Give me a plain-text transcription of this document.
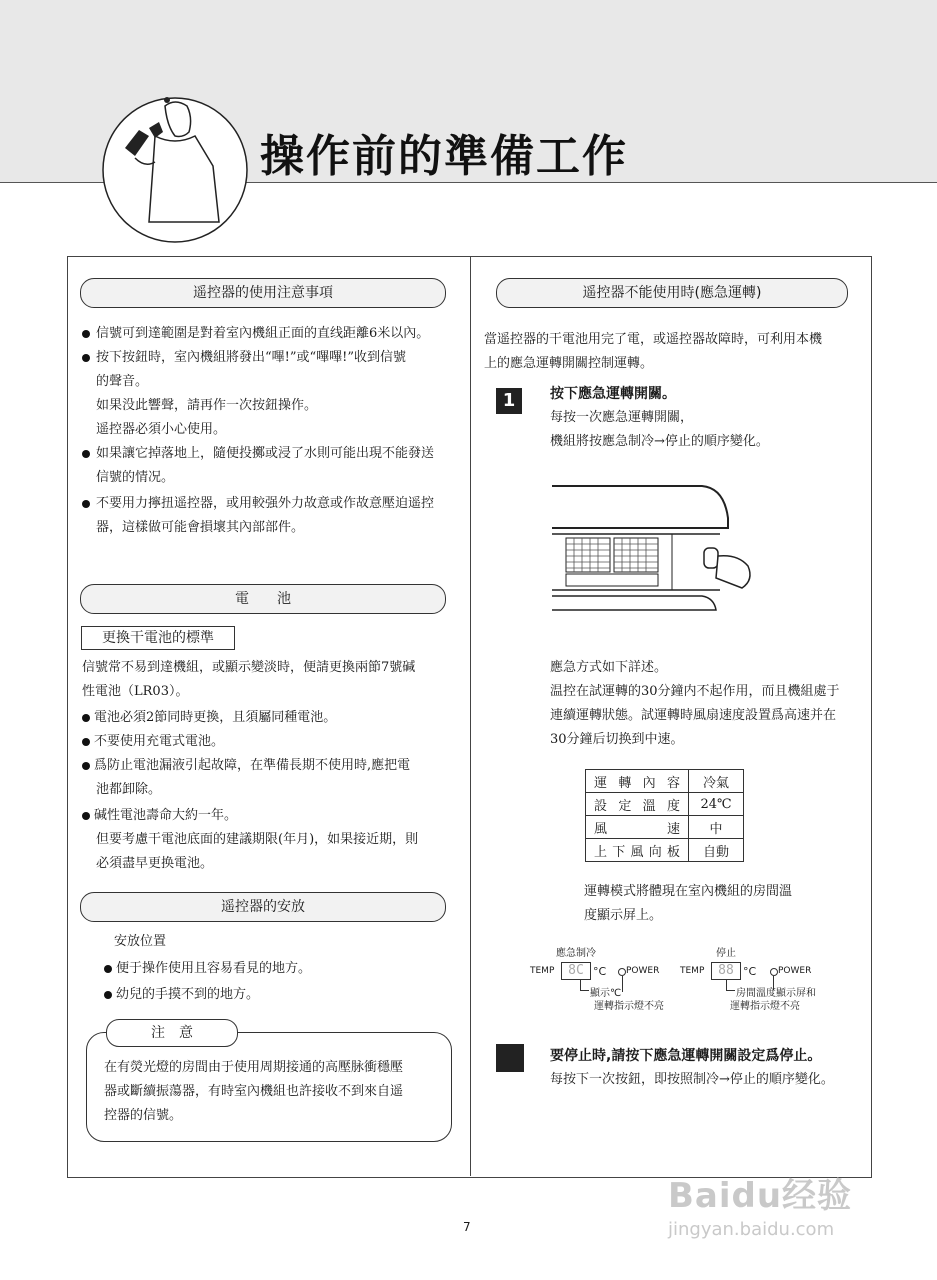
操作前的準備工作
遥控器的使用注意事項
信號可到達範圍是對着室內機組正面的直线距離6米以內。
按下按鈕時，室內機組將發出“嗶!”或“嗶嗶!”收到信號
的聲音。
如果没此響聲，請再作一次按鈕操作。
遥控器必須小心使用。
如果讓它掉落地上，隨便投擲或浸了水則可能出現不能發送
信號的情况。
不要用力擰扭遥控器，或用較强外力故意或作故意壓迫遥控
器，這樣做可能會損壞其內部部件。
電　　池
更換干電池的標準
信號常不易到達機組，或顯示變淡時，便請更換兩節7號碱
性電池（LR03）。
電池必須2節同時更換，且須屬同種電池。
不要使用充電式電池。
爲防止電池漏液引起故障，在準備長期不使用時,應把電
池都卸除。
碱性電池壽命大約一年。
但要考慮干電池底面的建議期限(年月)，如果接近期，則
必須盡早更换電池。
遥控器的安放
安放位置
便于操作使用且容易看見的地方。
幼兒的手摸不到的地方。
注　意
在有熒光燈的房間由于使用周期接通的高壓脉衝穩壓
器或斷續振蕩器，有時室內機組也許接收不到來自遥
控器的信號。
遥控器不能使用時(應急運轉)
當遥控器的干電池用完了電，或遥控器故障時，可利用本機
上的應急運轉開關控制運轉。
1	按下應急運轉開關。
每按一次應急運轉開關，
機組將按應急制冷→停止的順序變化。
應急方式如下詳述。
温控在試運轉的30分鐘内不起作用，而且機組處于
連續運轉狀態。試運轉時風扇速度設置爲高速并在
30分鐘后切换到中速。
運轉內容	冷氣
設定溫度	24℃
風速	中
上下風向板	自動
運轉模式將體現在室內機組的房間溫
度顯示屏上。
應急制冷
TEMP	8C °C POWER
顯示℃
運轉指示燈不亮
停止
TEMP	88 °C POWER
房間溫度顯示屏和
運轉指示燈不亮
要停止時,請按下應急運轉開關設定爲停止。
每按下一次按鈕，即按照制冷→停止的順序變化。
7
Baidu经验
jingyan.baidu.com
